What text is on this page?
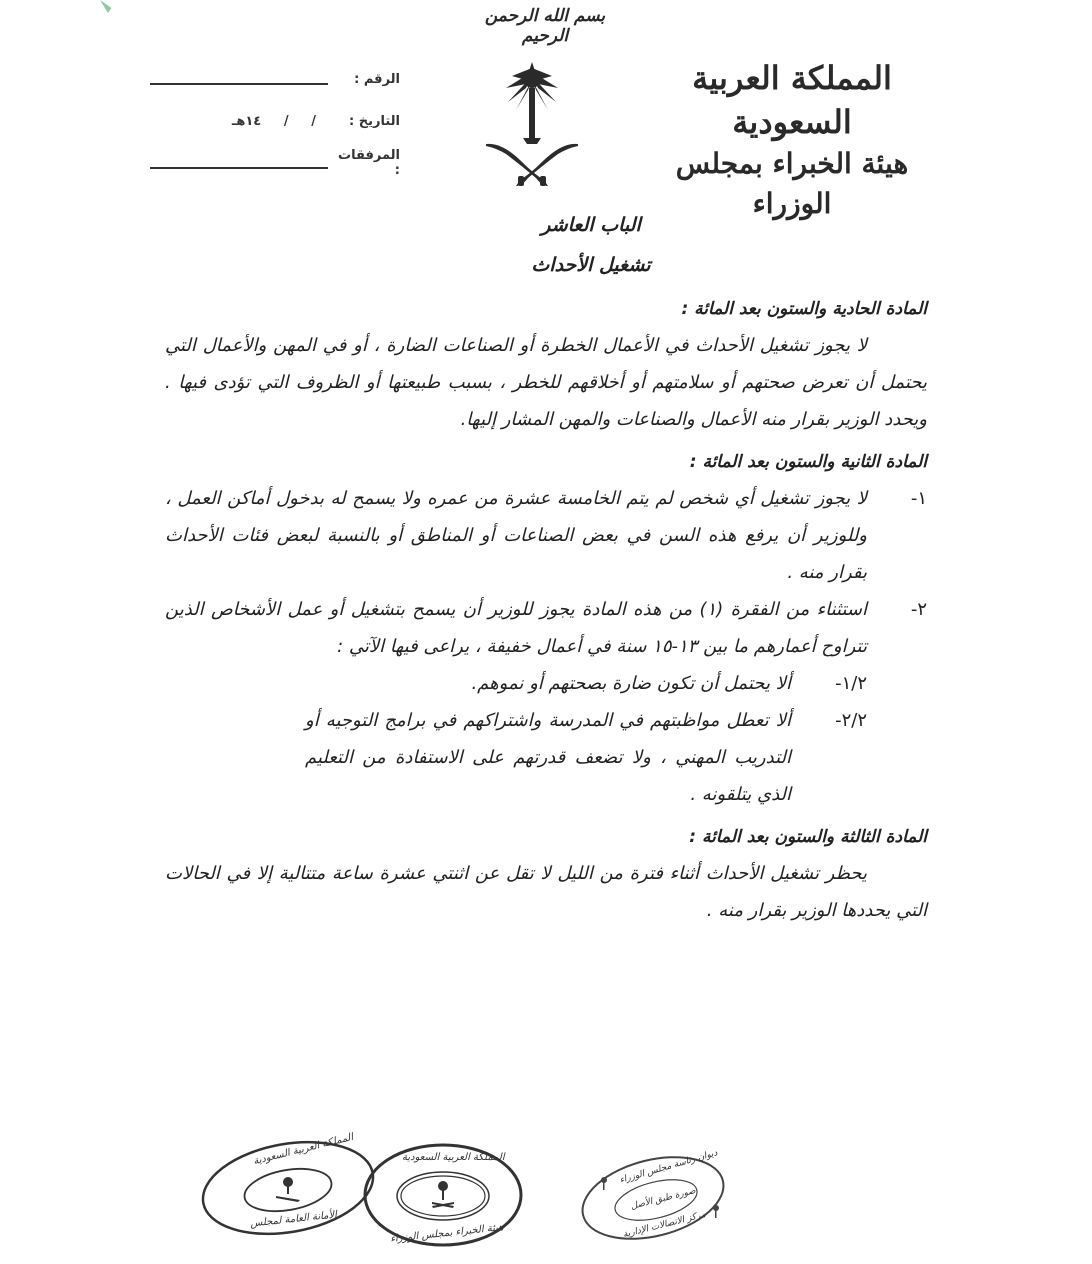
بسم الله الرحمن الرحيم
المملكة العربية السعودية
هيئة الخبراء بمجلس الوزراء
الرقم :
التاريخ :
/     /     ١٤هـ
المرفقات :
الباب العاشر
تشغيل الأحداث
المادة الحادية والستون بعد المائة :
لا يجوز تشغيل الأحداث في الأعمال الخطرة أو الصناعات الضارة ، أو في المهن والأعمال التي يحتمل أن تعرض صحتهم أو سلامتهم أو أخلاقهم للخطر ، بسبب طبيعتها أو الظروف التي تؤدى فيها . ويحدد الوزير بقرار منه الأعمال والصناعات والمهن المشار إليها.
المادة الثانية والستون بعد المائة :
١-
لا يجوز تشغيل أي شخص لم يتم الخامسة عشرة من عمره ولا يسمح له بدخول أماكن العمل ، وللوزير أن يرفع هذه السن في بعض الصناعات أو المناطق أو بالنسبة لبعض فئات الأحداث بقرار منه .
٢-
استثناء من الفقرة (١) من هذه المادة يجوز للوزير أن يسمح بتشغيل أو عمل الأشخاص الذين تتراوح أعمارهم ما بين ١٣-١٥ سنة في أعمال خفيفة ، يراعى فيها الآتي :
١/٢-
ألا يحتمل أن تكون ضارة بصحتهم أو نموهم.
٢/٢-
ألا تعطل مواظبتهم في المدرسة واشتراكهم في برامج التوجيه أو التدريب المهني ، ولا تضعف قدرتهم على الاستفادة من التعليم الذي يتلقونه .
المادة الثالثة والستون بعد المائة :
يحظر تشغيل الأحداث أثناء فترة من الليل لا تقل عن اثنتي عشرة ساعة متتالية إلا في الحالات التي يحددها الوزير بقرار منه .
المملكة العربية السعودية
الأمانة العامة لمجلس
المملكة العربية السعودية
هيئة الخبراء بمجلس الوزراء
ديوان رئاسة مجلس الوزراء
صورة طبق الأصل
مركز الاتصالات الإدارية
